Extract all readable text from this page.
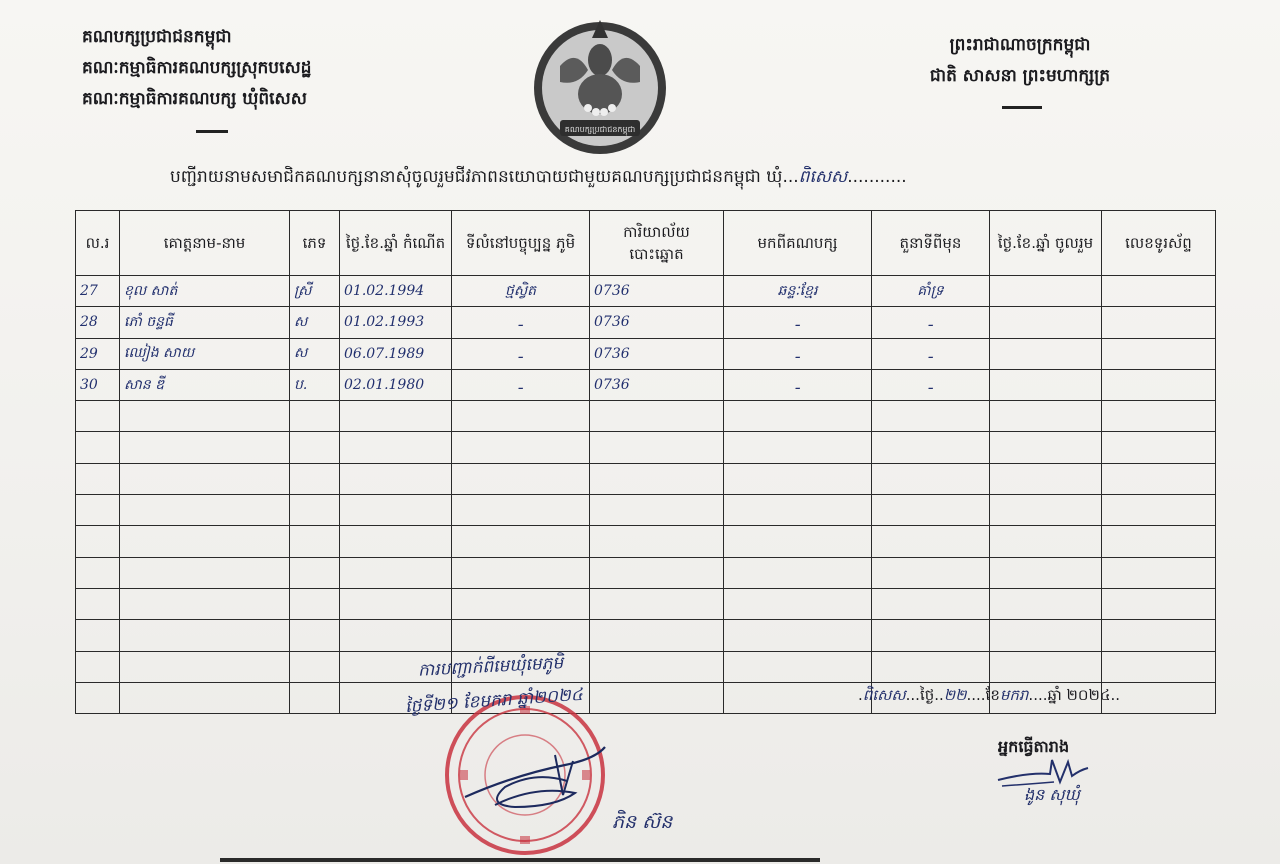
គណបក្សប្រជាជនកម្ពុជា
គណៈកម្មាធិការគណបក្សស្រុកបសេដ្ឋ
គណៈកម្មាធិការគណបក្ស ឃុំពិសេស
គណបក្សប្រជាជនកម្ពុជា
ព្រះរាជាណាចក្រកម្ពុជា
ជាតិ សាសនា ព្រះមហាក្សត្រ
បញ្ជីរាយនាមសមាជិកគណបក្សនានាសុំចូលរួមជីវភាពនយោបាយជាមួយគណបក្សប្រជាជនកម្ពុជា ឃុំ...ពិសេស...........
ល.រ	គោត្តនាម-នាម	ភេទ	ថ្ងៃ.ខែ.ឆ្នាំ កំណើត	ទីលំនៅបច្ចុប្បន្ន ភូមិ	ការិយាល័យ បោះឆ្នោត	មកពីគណបក្ស	តួនាទីពីមុន	ថ្ងៃ.ខែ.ឆ្នាំ ចូលរួម	លេខទូរស័ព្ទ
27	ខុល សាត់	ស្រី	01.02.1994	ថ្មស្វិត	0736	ឆន្ទៈខ្មែរ	គាំទ្រ		
28	ភោំ ចន្ទធី	ស	01.02.1993	ـ	0736	ـ	ـ		
29	ឈៀង សាយ	ស	06.07.1989	ـ	0736	ـ	ـ		
30	សាន ឌី	ប.	02.01.1980	ـ	0736	ـ	ـ		

.ពិសេស...ថ្ងៃ..២២....ខែមករា....ឆ្នាំ ២០២៤..
អ្នកធ្វើតារាង
ងូន សុឃុំ
ការបញ្ជាក់ពីមេឃុំមេភូមិ
ថ្ងៃទី២១ ខែមករា ឆ្នាំ២០២៤
ភិន ស៊ន
